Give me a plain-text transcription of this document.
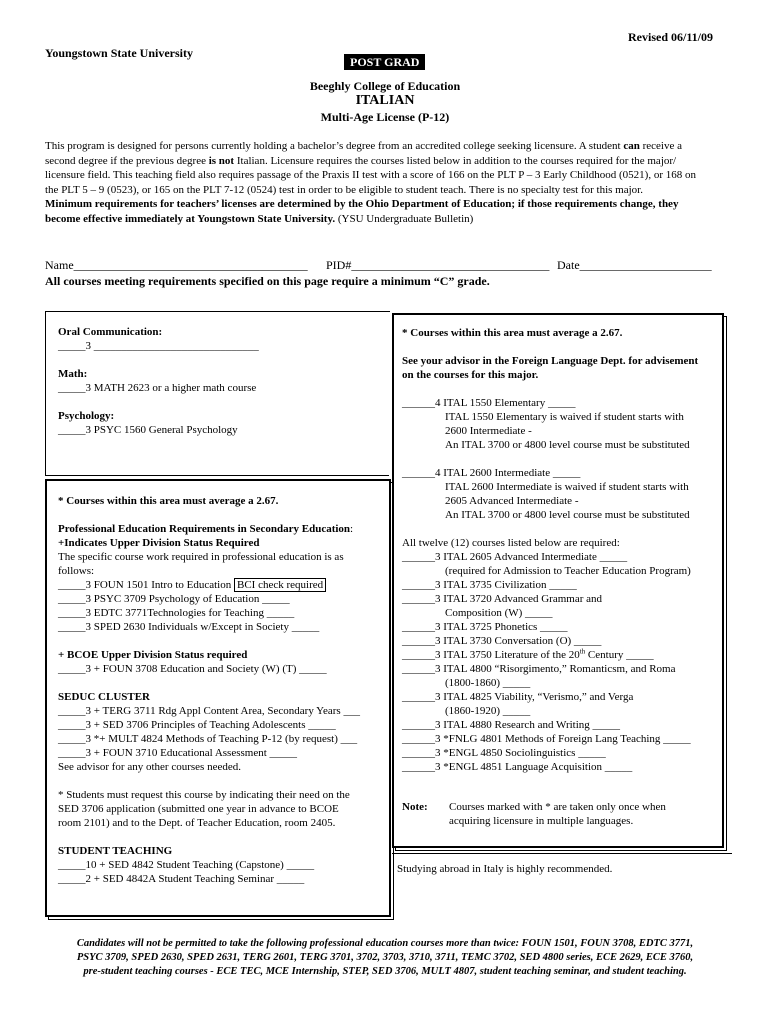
Revised 06/11/09
Youngstown State University
POST GRAD
Beeghly College of Education
ITALIAN
Multi-Age License (P-12)
This program is designed for persons currently holding a bachelor’s degree from an accredited college seeking licensure. A student can receive a
second degree if the previous degree is not Italian. Licensure requires the courses listed below in addition to the courses required for the major/
licensure field. This teaching field also requires passage of the Praxis II test with a score of 166 on the PLT P – 3 Early Childhood (0521), or 168 on
the PLT 5 – 9 (0523), or 165 on the PLT 7-12 (0524) test in order to be eligible to student teach. There is no specialty test for this major.
Minimum requirements for teachers’ licenses are determined by the Ohio Department of Education; if those requirements change, they
become effective immediately at Youngstown State University. (YSU Undergraduate Bulletin)
Name_______________________________________ PID#_________________________________ Date______________________
All courses meeting requirements specified on this page require a minimum “C” grade.
Oral Communication:
_____3 ______________________________
Math:
_____3 MATH 2623 or a higher math course
Psychology:
_____3 PSYC 1560 General Psychology
* Courses within this area must average a 2.67.
Professional Education Requirements in Secondary Education:
+Indicates Upper Division Status Required
The specific course work required in professional education is as
follows:
_____3 FOUN 1501 Intro to Education BCI check required
_____3 PSYC 3709 Psychology of Education _____
_____3 EDTC 3771Technologies for Teaching _____
_____3 SPED 2630 Individuals w/Except in Society _____
+ BCOE Upper Division Status required
_____3 + FOUN 3708 Education and Society (W) (T) _____
SEDUC CLUSTER
_____3 + TERG 3711 Rdg Appl Content Area, Secondary Years ___
_____3 + SED 3706 Principles of Teaching Adolescents _____
_____3 *+ MULT 4824 Methods of Teaching P-12 (by request) ___
_____3 + FOUN 3710 Educational Assessment _____
See advisor for any other courses needed.
* Students must request this course by indicating their need on the
SED 3706 application (submitted one year in advance to BCOE
room 2101) and to the Dept. of Teacher Education, room 2405.
STUDENT TEACHING
_____10 + SED 4842 Student Teaching (Capstone) _____
_____2 + SED 4842A Student Teaching Seminar _____
* Courses within this area must average a 2.67.
See your advisor in the Foreign Language Dept. for advisement
on the courses for this major.
______4 ITAL 1550 Elementary _____
ITAL 1550 Elementary is waived if student starts with
2600 Intermediate -
An ITAL 3700 or 4800 level course must be substituted
______4 ITAL 2600 Intermediate _____
ITAL 2600 Intermediate is waived if student starts with
2605 Advanced Intermediate -
An ITAL 3700 or 4800 level course must be substituted
All twelve (12) courses listed below are required:
______3 ITAL 2605 Advanced Intermediate _____
(required for Admission to Teacher Education Program)
______3 ITAL 3735 Civilization _____
______3 ITAL 3720 Advanced Grammar and
Composition (W) _____
______3 ITAL 3725 Phonetics _____
______3 ITAL 3730 Conversation (O) _____
______3 ITAL 3750 Literature of the 20th Century _____
______3 ITAL 4800 “Risorgimento,” Romanticsm, and Roma
(1800-1860) _____
______3 ITAL 4825 Viability, “Verismo,” and Verga
(1860-1920) _____
______3 ITAL 4880 Research and Writing _____
______3 *FNLG 4801 Methods of Foreign Lang Teaching _____
______3 *ENGL 4850 Sociolinguistics _____
______3 *ENGL 4851 Language Acquisition _____
Note: Courses marked with * are taken only once when
acquiring licensure in multiple languages.
Studying abroad in Italy is highly recommended.
Candidates will not be permitted to take the following professional education courses more than twice: FOUN 1501, FOUN 3708, EDTC 3771,
PSYC 3709, SPED 2630, SPED 2631, TERG 2601, TERG 3701, 3702, 3703, 3710, 3711, TEMC 3702, SED 4800 series, ECE 2629, ECE 3760,
pre-student teaching courses - ECE TEC, MCE Internship, STEP, SED 3706, MULT 4807, student teaching seminar, and student teaching.
